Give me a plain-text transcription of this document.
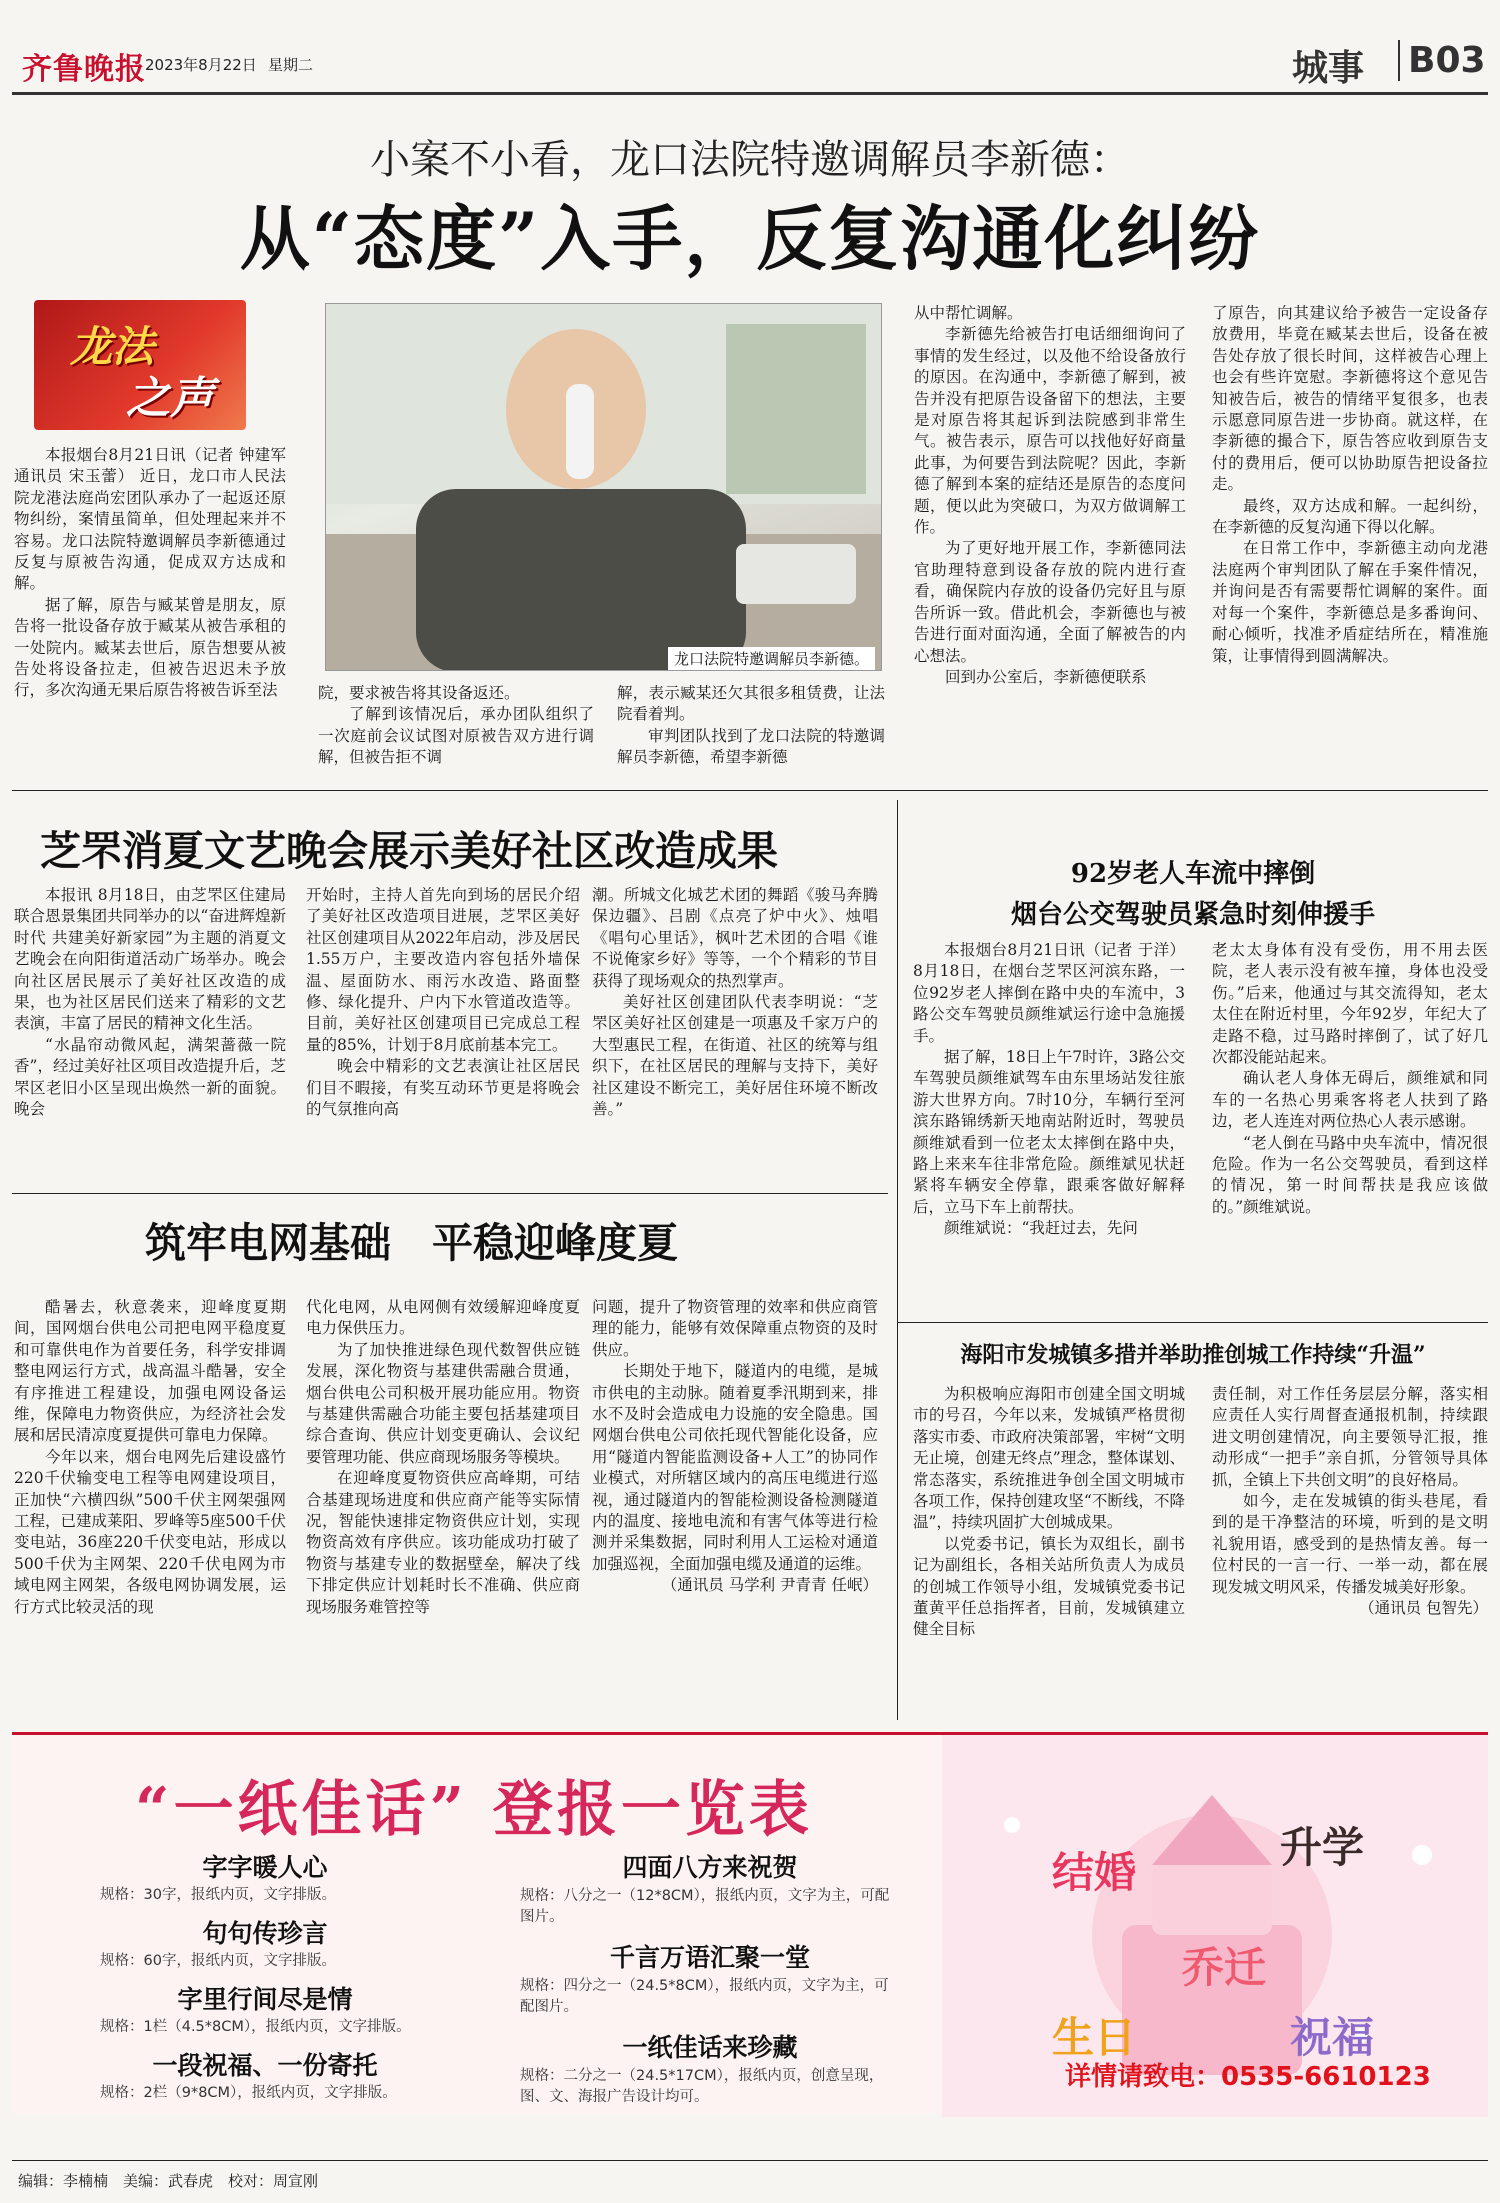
齐鲁晚报 2023年8月22日 星期二	城事 B03
小案不小看，龙口法院特邀调解员李新德：
从“态度”入手，反复沟通化纠纷
龙法
之声
龙口法院特邀调解员李新德。

本报烟台8月21日讯（记者 钟建军 通讯员 宋玉蕾） 近日，龙口市人民法院龙港法庭尚宏团队承办了一起返还原物纠纷，案情虽简单，但处理起来并不容易。龙口法院特邀调解员李新德通过反复与原被告沟通，促成双方达成和解。

据了解，原告与臧某曾是朋友，原告将一批设备存放于臧某从被告承租的一处院内。臧某去世后，原告想要从被告处将设备拉走，但被告迟迟未予放行，多次沟通无果后原告将被告诉至法	院，要求被告将其设备返还。

了解到该情况后，承办团队组织了一次庭前会议试图对原被告双方进行调解，但被告拒不调

解，表示臧某还欠其很多租赁费，让法院看着判。

审判团队找到了龙口法院的特邀调解员李新德，希望李新德

从中帮忙调解。

李新德先给被告打电话细细询问了事情的发生经过，以及他不给设备放行的原因。在沟通中，李新德了解到，被告并没有把原告设备留下的想法，主要是对原告将其起诉到法院感到非常生气。被告表示，原告可以找他好好商量此事，为何要告到法院呢？因此，李新德了解到本案的症结还是原告的态度问题，便以此为突破口，为双方做调解工作。

为了更好地开展工作，李新德同法官助理特意到设备存放的院内进行查看，确保院内存放的设备仍完好且与原告所诉一致。借此机会，李新德也与被告进行面对面沟通，全面了解被告的内心想法。

回到办公室后，李新德便联系

了原告，向其建议给予被告一定设备存放费用，毕竟在臧某去世后，设备在被告处存放了很长时间，这样被告心理上也会有些许宽慰。李新德将这个意见告知被告后，被告的情绪平复很多，也表示愿意同原告进一步协商。就这样，在李新德的撮合下，原告答应收到原告支付的费用后，便可以协助原告把设备拉走。

最终，双方达成和解。一起纠纷，在李新德的反复沟通下得以化解。

在日常工作中，李新德主动向龙港法庭两个审判团队了解在手案件情况，并询问是否有需要帮忙调解的案件。面对每一个案件，李新德总是多番询问、耐心倾听，找准矛盾症结所在，精准施策，让事情得到圆满解决。

芝罘消夏文艺晚会展示美好社区改造成果

本报讯 8月18日，由芝罘区住建局联合恩景集团共同举办的以“奋进辉煌新时代 共建美好新家园”为主题的消夏文艺晚会在向阳街道活动广场举办。晚会向社区居民展示了美好社区改造的成果，也为社区居民们送来了精彩的文艺表演，丰富了居民的精神文化生活。

“水晶帘动微风起，满架蔷薇一院香”，经过美好社区项目改造提升后，芝罘区老旧小区呈现出焕然一新的面貌。晚会

开始时，主持人首先向到场的居民介绍了美好社区改造项目进展，芝罘区美好社区创建项目从2022年启动，涉及居民1.55万户，主要改造内容包括外墙保温、屋面防水、雨污水改造、路面整修、绿化提升、户内下水管道改造等。目前，美好社区创建项目已完成总工程量的85%，计划于8月底前基本完工。

晚会中精彩的文艺表演让社区居民们目不暇接，有奖互动环节更是将晚会的气氛推向高

潮。所城文化城艺术团的舞蹈《骏马奔腾保边疆》、吕剧《点亮了炉中火》、烛唱《唱句心里话》，枫叶艺术团的合唱《谁不说俺家乡好》等等，一个个精彩的节目获得了现场观众的热烈掌声。

美好社区创建团队代表李明说：“芝罘区美好社区创建是一项惠及千家万户的大型惠民工程，在街道、社区的统筹与组织下，在社区居民的理解与支持下，美好社区建设不断完工，美好居住环境不断改善。”

筑牢电网基础　平稳迎峰度夏

酷暑去，秋意袭来，迎峰度夏期间，国网烟台供电公司把电网平稳度夏和可靠供电作为首要任务，科学安排调整电网运行方式，战高温斗酷暑，安全有序推进工程建设，加强电网设备运维，保障电力物资供应，为经济社会发展和居民清凉度夏提供可靠电力保障。

今年以来，烟台电网先后建设盛竹220千伏输变电工程等电网建设项目，正加快“六横四纵”500千伏主网架强网工程，已建成莱阳、罗峰等5座500千伏变电站，36座220千伏变电站，形成以500千伏为主网架、220千伏电网为市域电网主网架，各级电网协调发展，运行方式比较灵活的现

代化电网，从电网侧有效缓解迎峰度夏电力保供压力。

为了加快推进绿色现代数智供应链发展，深化物资与基建供需融合贯通，烟台供电公司积极开展功能应用。物资与基建供需融合功能主要包括基建项目综合查询、供应计划变更确认、会议纪要管理功能、供应商现场服务等模块。

在迎峰度夏物资供应高峰期，可结合基建现场进度和供应商产能等实际情况，智能快速排定物资供应计划，实现物资高效有序供应。该功能成功打破了物资与基建专业的数据壁垒，解决了线下排定供应计划耗时长不准确、供应商现场服务难管控等

问题，提升了物资管理的效率和供应商管理的能力，能够有效保障重点物资的及时供应。

长期处于地下，隧道内的电缆，是城市供电的主动脉。随着夏季汛期到来，排水不及时会造成电力设施的安全隐患。国网烟台供电公司依托现代智能化设备，应用“隧道内智能监测设备+人工”的协同作业模式，对所辖区域内的高压电缆进行巡视，通过隧道内的智能检测设备检测隧道内的温度、接地电流和有害气体等进行检测并采集数据，同时利用人工运检对通道加强巡视，全面加强电缆及通道的运维。

（通讯员 马学利 尹青青 任岷）

92岁老人车流中摔倒
烟台公交驾驶员紧急时刻伸援手

本报烟台8月21日讯（记者 于洋） 8月18日，在烟台芝罘区河滨东路，一位92岁老人摔倒在路中央的车流中，3路公交车驾驶员颜维斌运行途中急施援手。

据了解，18日上午7时许，3路公交车驾驶员颜维斌驾车由东里场站发往旅游大世界方向。7时10分，车辆行至河滨东路锦绣新天地南站附近时，驾驶员颜维斌看到一位老太太摔倒在路中央，路上来来车往非常危险。颜维斌见状赶紧将车辆安全停靠，跟乘客做好解释后，立马下车上前帮扶。

颜维斌说：“我赶过去，先问

老太太身体有没有受伤，用不用去医院，老人表示没有被车撞，身体也没受伤。”后来，他通过与其交流得知，老太太住在附近村里，今年92岁，年纪大了走路不稳，过马路时摔倒了，试了好几次都没能站起来。

确认老人身体无碍后，颜维斌和同车的一名热心男乘客将老人扶到了路边，老人连连对两位热心人表示感谢。

“老人倒在马路中央车流中，情况很危险。作为一名公交驾驶员，看到这样的情况，第一时间帮扶是我应该做的。”颜维斌说。

海阳市发城镇多措并举助推创城工作持续“升温”

为积极响应海阳市创建全国文明城市的号召，今年以来，发城镇严格贯彻落实市委、市政府决策部署，牢树“文明无止境，创建无终点”理念，整体谋划、常态落实，系统推进争创全国文明城市各项工作，保持创建攻坚“不断线，不降温”，持续巩固扩大创城成果。

以党委书记，镇长为双组长，副书记为副组长，各相关站所负责人为成员的创城工作领导小组，发城镇党委书记董黄平任总指挥者，目前，发城镇建立健全目标

责任制，对工作任务层层分解，落实相应责任人实行周督查通报机制，持续跟进文明创建情况，向主要领导汇报，推动形成“一把手”亲自抓，分管领导具体抓，全镇上下共创文明”的良好格局。

如今，走在发城镇的街头巷尾，看到的是干净整洁的环境，听到的是文明礼貌用语，感受到的是热情友善。每一位村民的一言一行、一举一动，都在展现发城文明风采，传播发城美好形象。

（通讯员 包智先）

“一纸佳话” 登报一览表
字字暖人心
规格：30字，报纸内页，文字排版。
句句传珍言
规格：60字，报纸内页，文字排版。
字里行间尽是情
规格：1栏（4.5*8CM），报纸内页，文字排版。
一段祝福、一份寄托
规格：2栏（9*8CM），报纸内页，文字排版。
四面八方来祝贺
规格：八分之一（12*8CM），报纸内页，文字为主，可配图片。
千言万语汇聚一堂
规格：四分之一（24.5*8CM），报纸内页，文字为主，可配图片。
一纸佳话来珍藏
规格：二分之一（24.5*17CM），报纸内页，创意呈现，图、文、海报广告设计均可。
结婚
升学
乔迁
生日	祝福
详情请致电：0535-6610123
编辑：李楠楠　美编：武春虎　校对：周宣刚
